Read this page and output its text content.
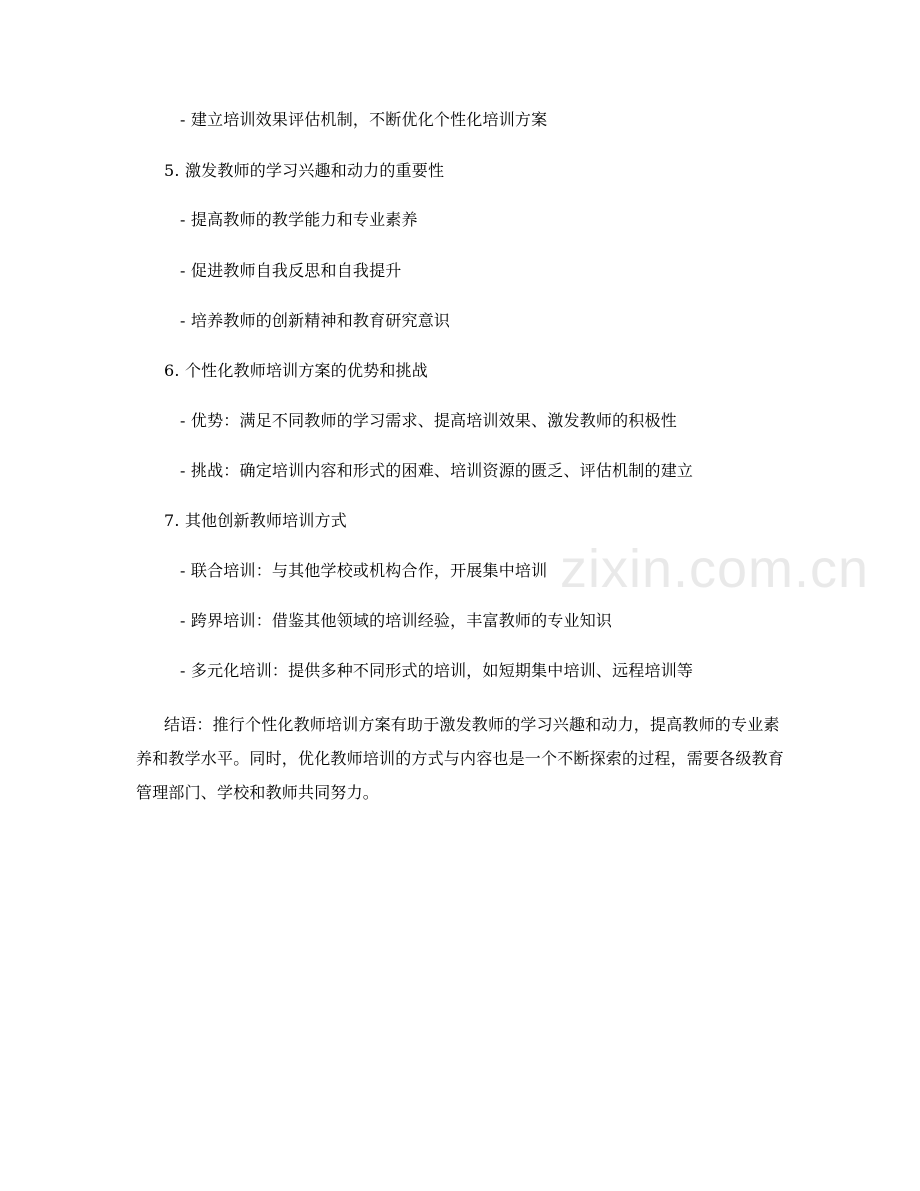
- 建立培训效果评估机制，不断优化个性化培训方案
5. 激发教师的学习兴趣和动力的重要性
- 提高教师的教学能力和专业素养
- 促进教师自我反思和自我提升
- 培养教师的创新精神和教育研究意识
6. 个性化教师培训方案的优势和挑战
- 优势：满足不同教师的学习需求、提高培训效果、激发教师的积极性
- 挑战：确定培训内容和形式的困难、培训资源的匮乏、评估机制的建立
7. 其他创新教师培训方式
- 联合培训：与其他学校或机构合作，开展集中培训
- 跨界培训：借鉴其他领域的培训经验，丰富教师的专业知识
- 多元化培训：提供多种不同形式的培训，如短期集中培训、远程培训等
结语：推行个性化教师培训方案有助于激发教师的学习兴趣和动力，提高教师的专业素养和教学水平。同时，优化教师培训的方式与内容也是一个不断探索的过程，需要各级教育管理部门、学校和教师共同努力。
zixin.com.cn
